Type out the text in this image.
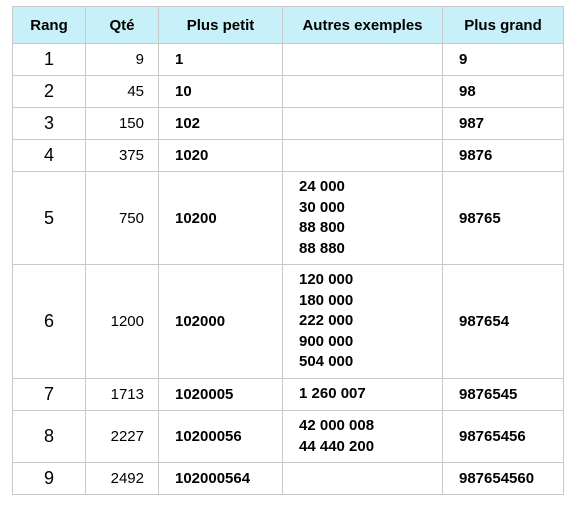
Rang	Qté	Plus petit	Autres exemples	Plus grand
1	9	1		9
2	45	10		98
3	150	102		987
4	375	1020		9876
5	750	10200	24 000
30 000
88 800
88 880	98765
6	1200	102000	120 000
180 000
222 000
900 000
504 000	987654
7	1713	1020005	1 260 007	9876545
8	2227	10200056	42 000 008
44 440 200	98765456
9	2492	102000564		987654560
